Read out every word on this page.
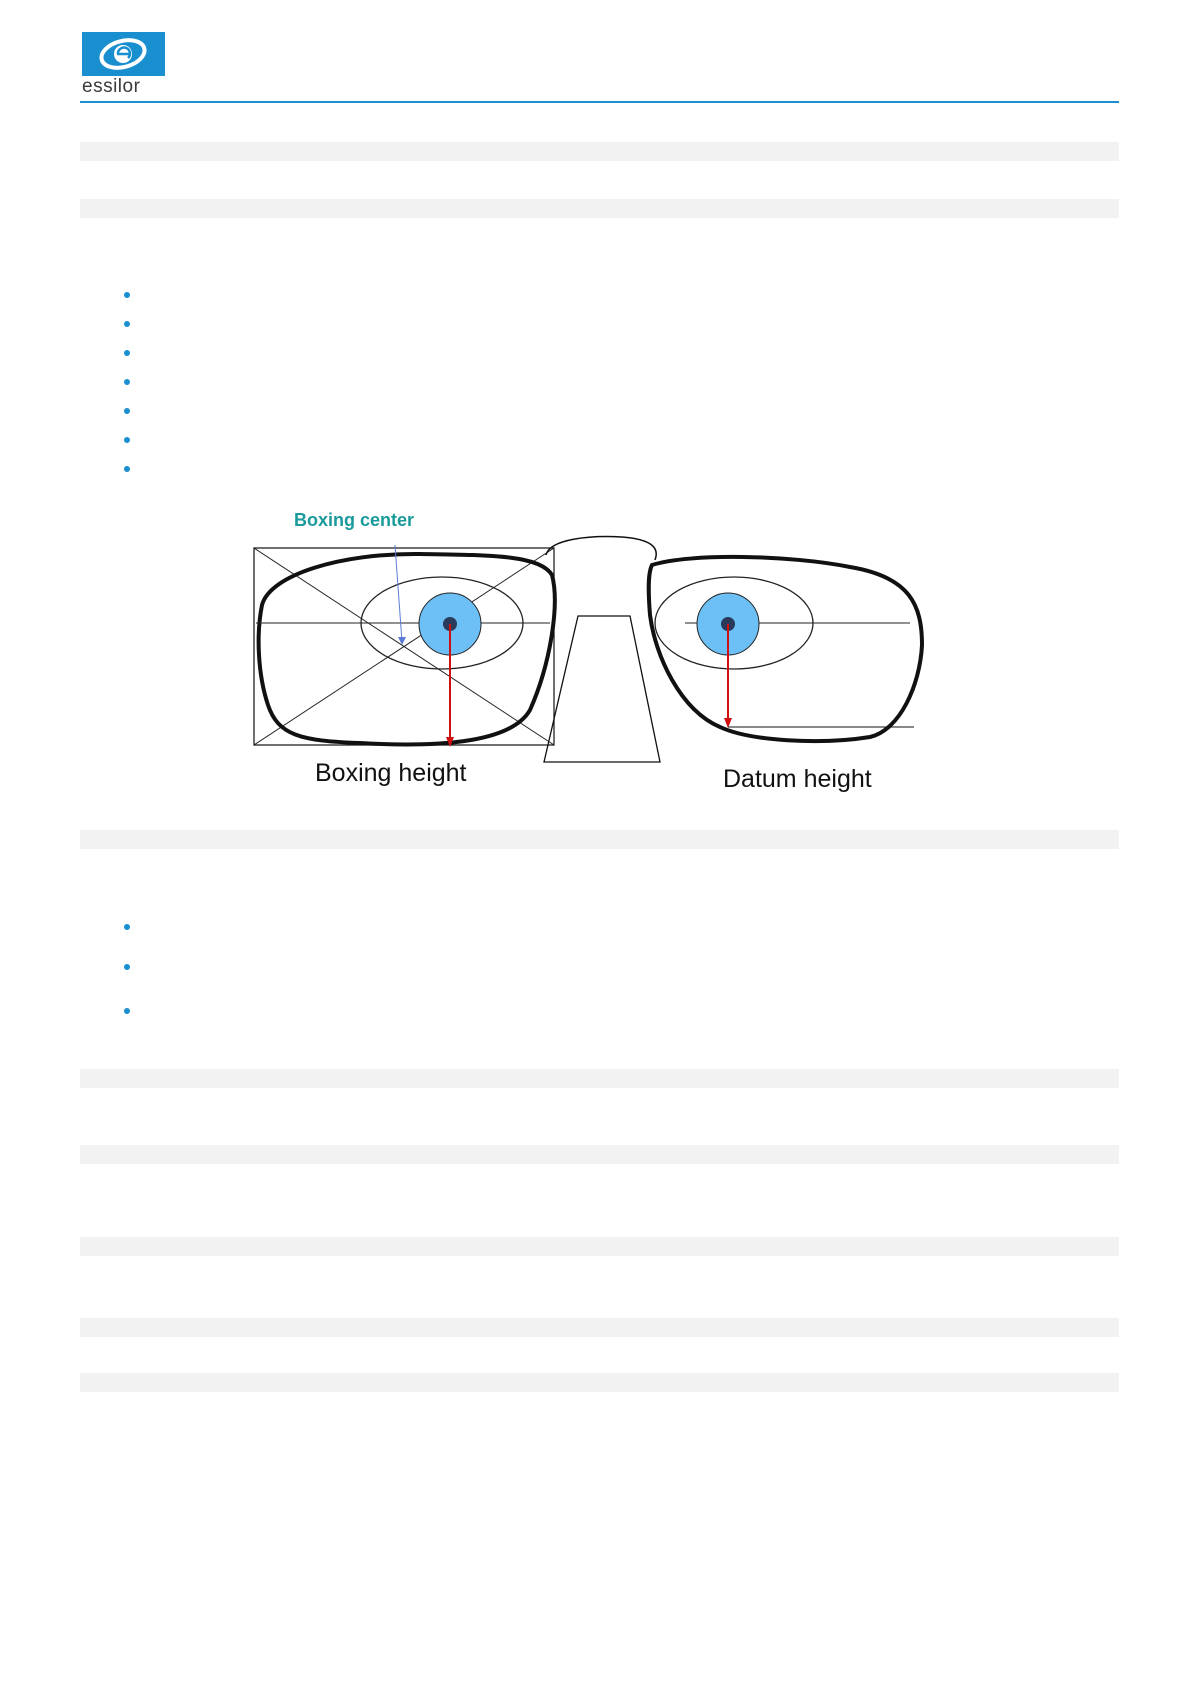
essilor
Boxing center
Boxing height	Datum height
